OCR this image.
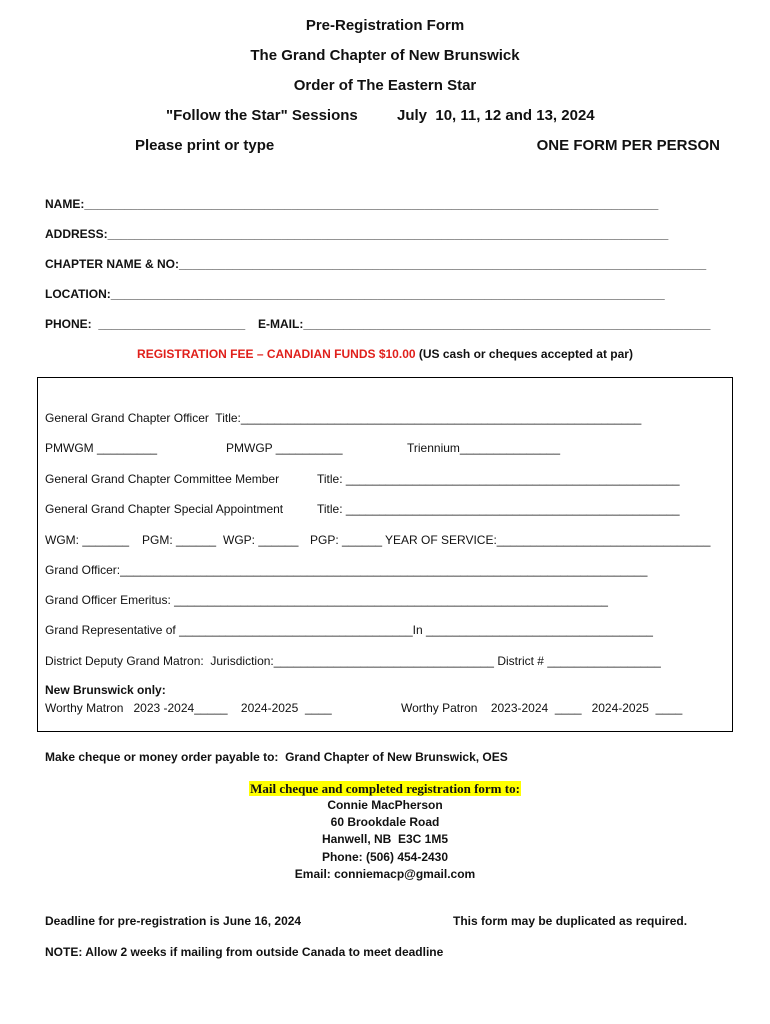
Pre-Registration Form
The Grand Chapter of New Brunswick
Order of The Eastern Star
"Follow the Star" Sessions	July  10, 11, 12 and 13, 2024
Please print or type	ONE FORM PER PERSON
NAME:______________________________________________________________________________________
ADDRESS:____________________________________________________________________________________
CHAPTER NAME & NO:_______________________________________________________________________________
LOCATION:___________________________________________________________________________________
PHONE:  ______________________ E-MAIL:_____________________________________________________________
REGISTRATION FEE – CANADIAN FUNDS $10.00 (US cash or cheques accepted at par)
General Grand Chapter Officer  Title:____________________________________________________________
PMWGM _________	PMWGP __________	Triennium_______________
General Grand Chapter Committee Member	Title: __________________________________________________
General Grand Chapter Special Appointment	Title: __________________________________________________
WGM: _______ PGM: ______ WGP: ______ PGP: ______ YEAR OF SERVICE:________________________________
Grand Officer:_______________________________________________________________________________
Grand Officer Emeritus: _________________________________________________________________
Grand Representative of ___________________________________In __________________________________
District Deputy Grand Matron:  Jurisdiction:_________________________________ District # _________________
New Brunswick only:
Worthy Matron   2023 -2024_____    2024-2025  ____	Worthy Patron    2023-2024  ____   2024-2025  ____
Make cheque or money order payable to:  Grand Chapter of New Brunswick, OES
Mail cheque and completed registration form to:
Connie MacPherson
60 Brookdale Road
Hanwell, NB  E3C 1M5
Phone: (506) 454-2430
Email: conniemacp@gmail.com
Deadline for pre-registration is June 16, 2024	This form may be duplicated as required.
NOTE: Allow 2 weeks if mailing from outside Canada to meet deadline
